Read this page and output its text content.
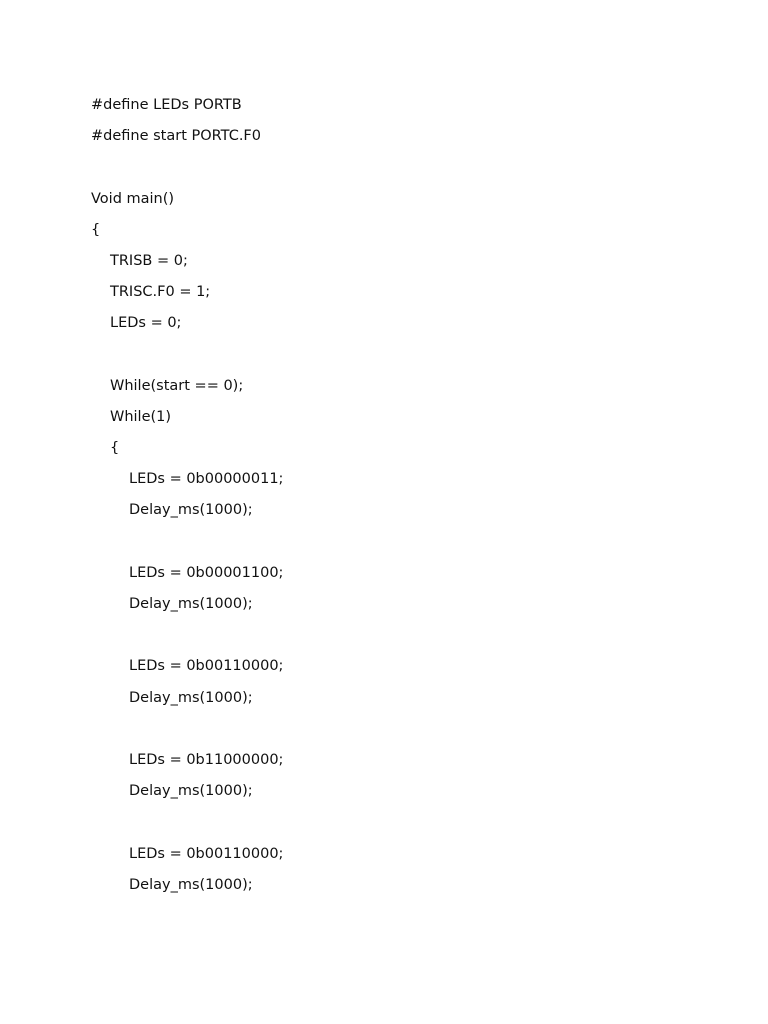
#define LEDs PORTB
#define start PORTC.F0
Void main()
{
TRISB = 0;
TRISC.F0 = 1;
LEDs = 0;
While(start == 0);
While(1)
{
LEDs = 0b00000011;
Delay_ms(1000);
LEDs = 0b00001100;
Delay_ms(1000);
LEDs = 0b00110000;
Delay_ms(1000);
LEDs = 0b11000000;
Delay_ms(1000);
LEDs = 0b00110000;
Delay_ms(1000);
